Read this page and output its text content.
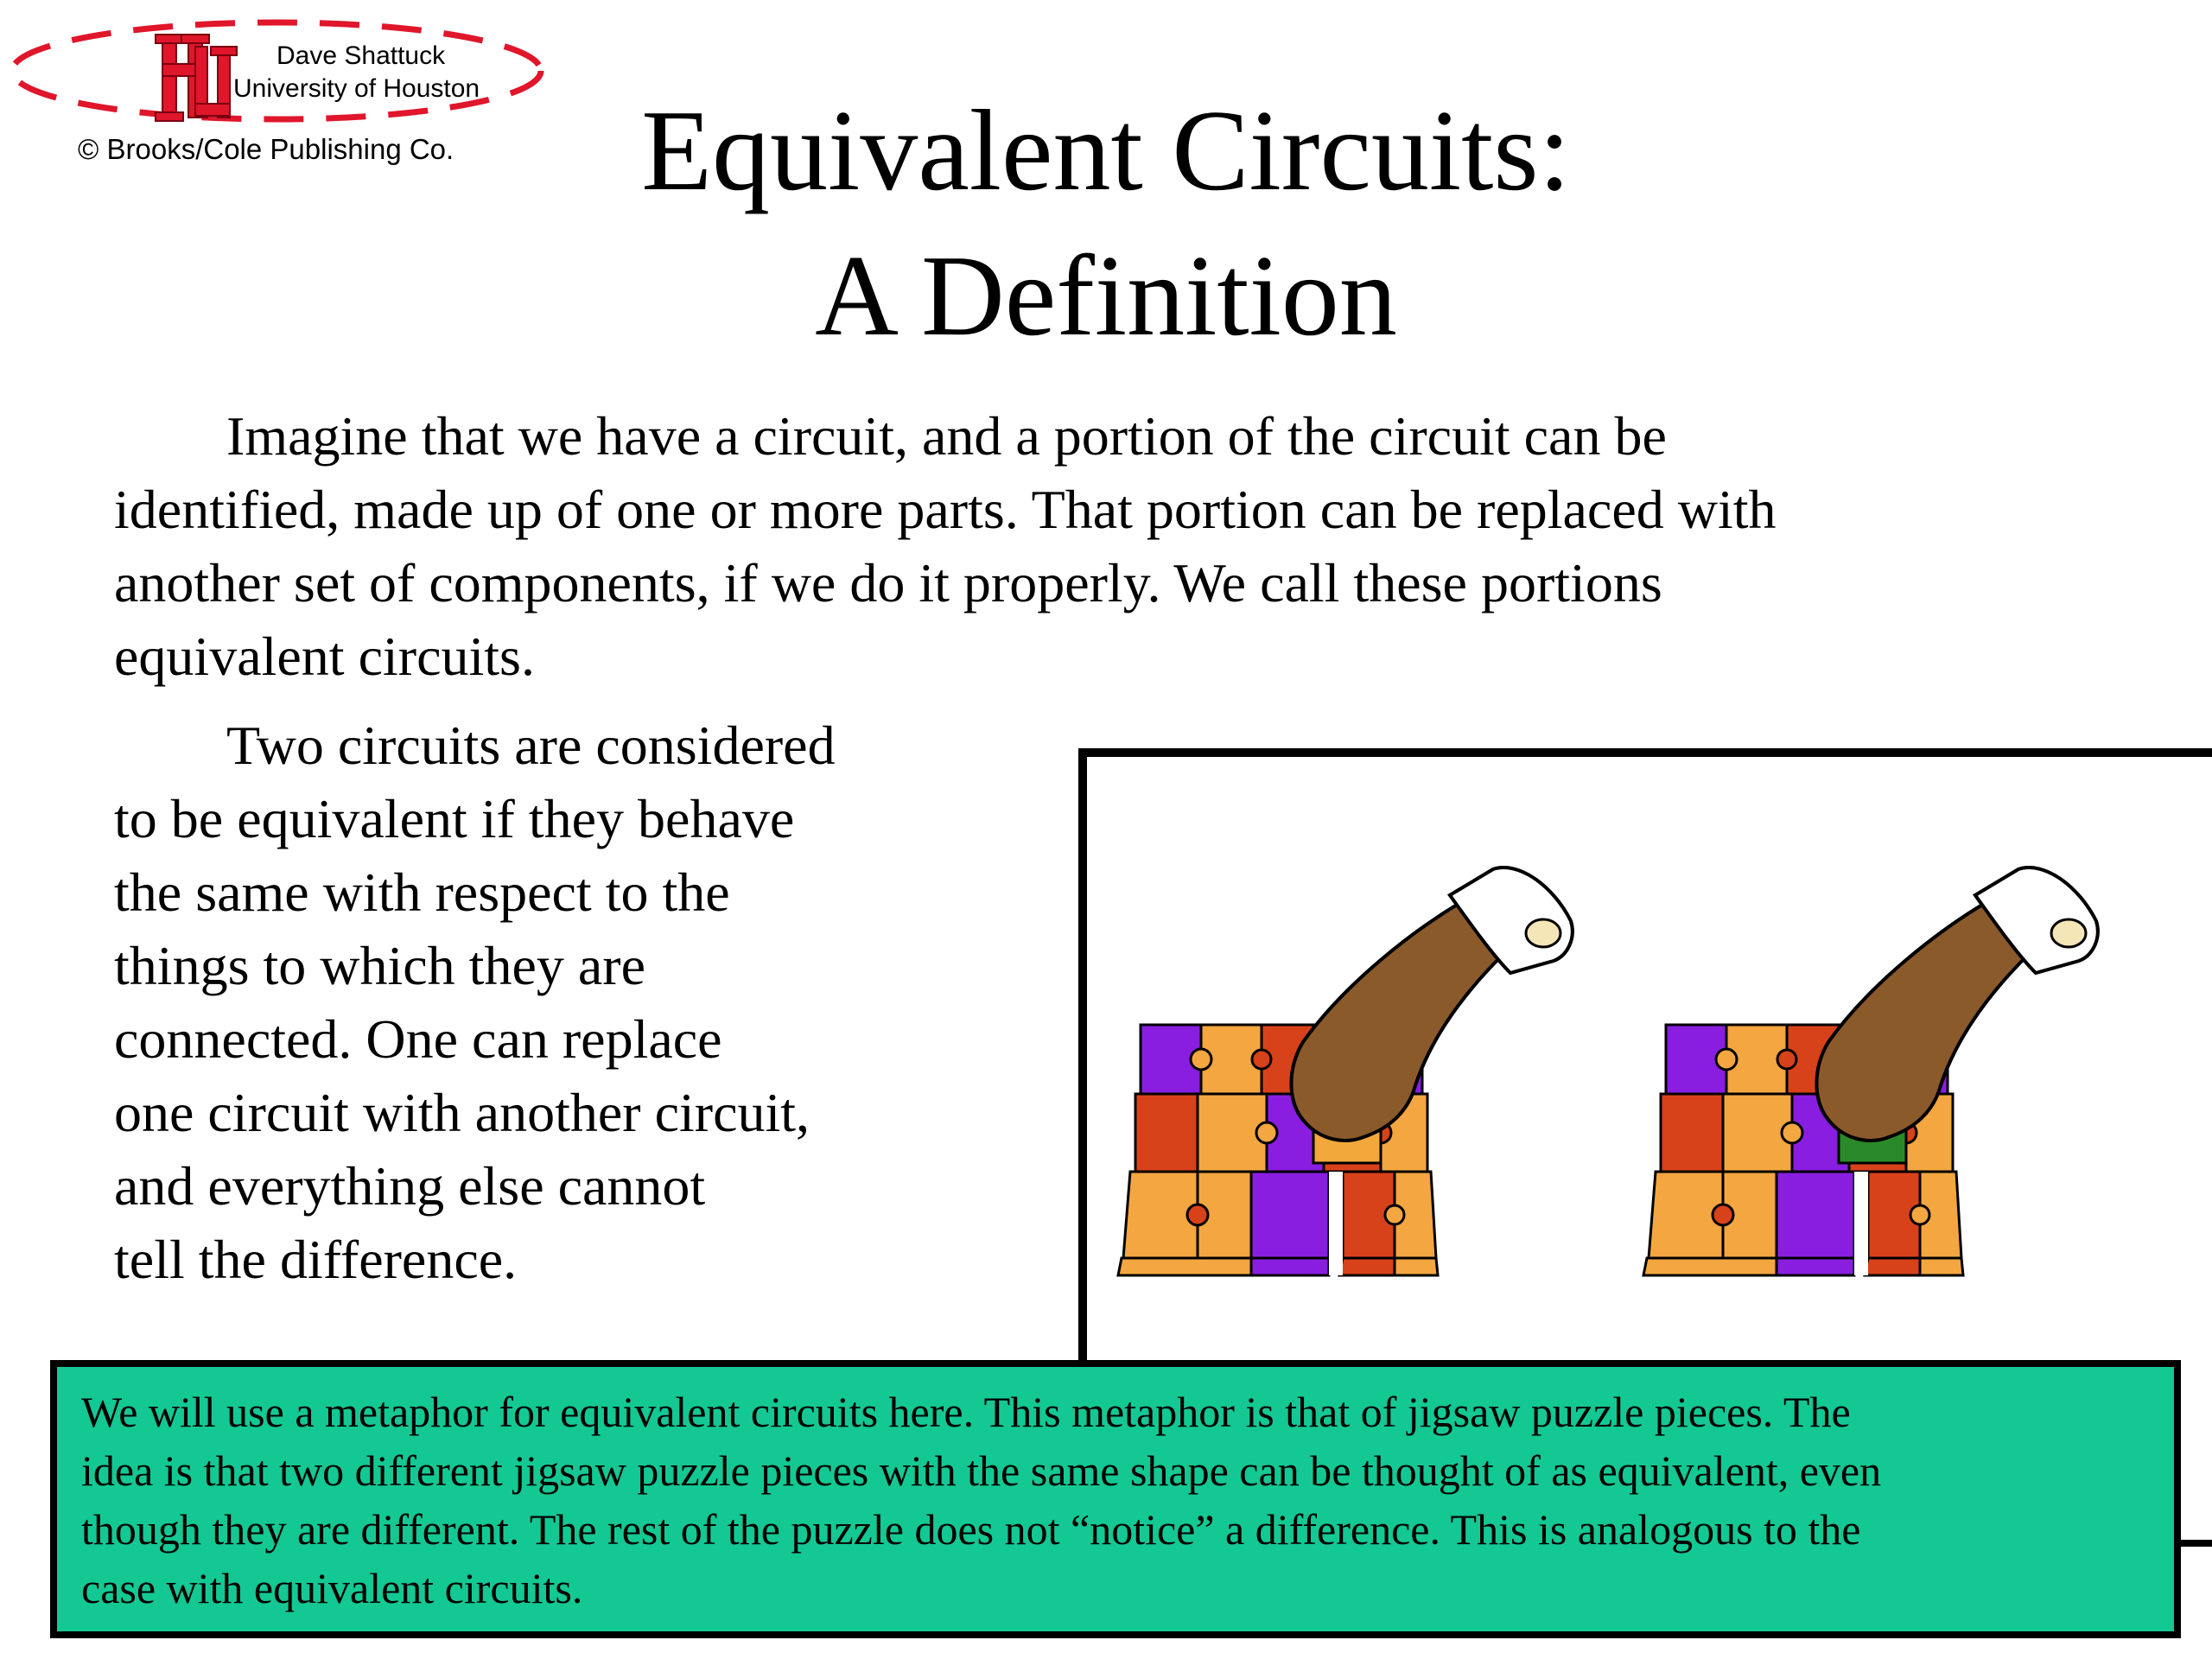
Dave Shattuck
University of Houston
© Brooks/Cole Publishing Co.	Equivalent Circuits:
A Definition
Imagine that we have a circuit, and a portion of the circuit can be
identified, made up of one or more parts. That portion can be replaced with
another set of components, if we do it properly. We call these portions
equivalent circuits.
Two circuits are considered
to be equivalent if they behave
the same with respect to the
things to which they are
connected. One can replace
one circuit with another circuit,
and everything else cannot
tell the difference.
We will use a metaphor for equivalent circuits here. This metaphor is that of jigsaw puzzle pieces. The
idea is that two different jigsaw puzzle pieces with the same shape can be thought of as equivalent, even
though they are different. The rest of the puzzle does not “notice” a difference. This is analogous to the
case with equivalent circuits.
